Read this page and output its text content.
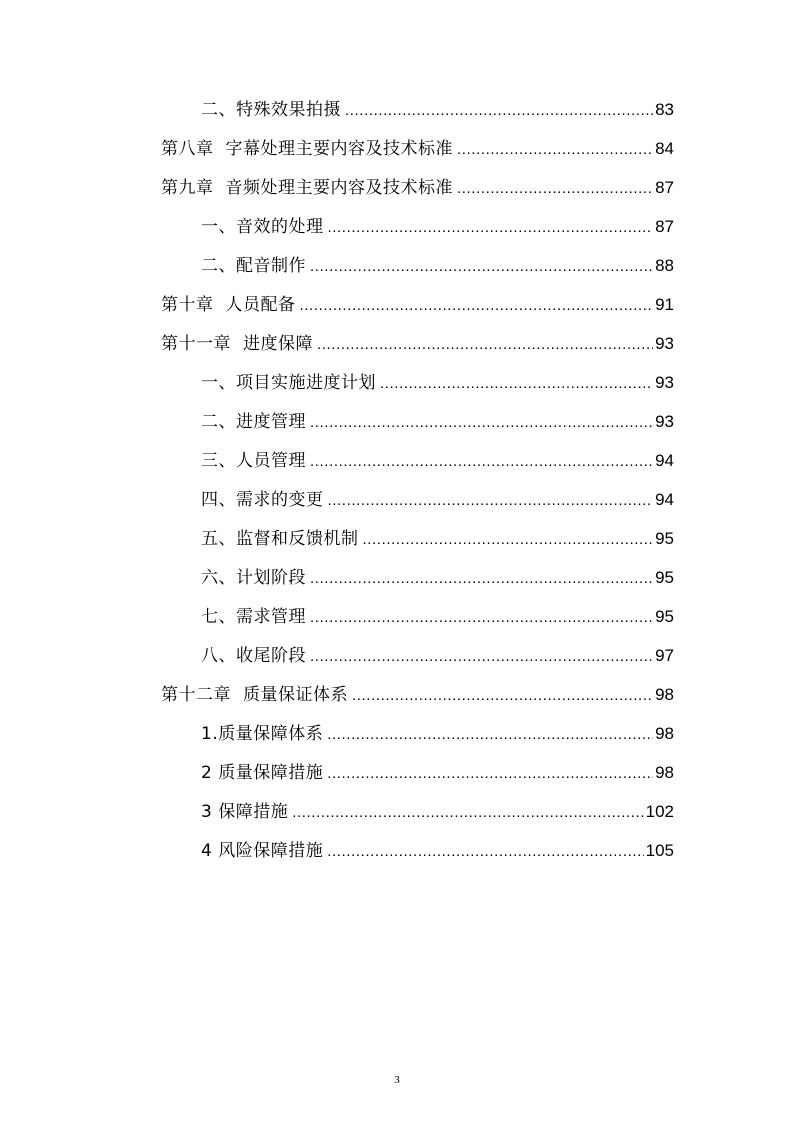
二、特殊效果拍摄 .....	83
第八章 字幕处理主要内容及技术标准 .....	84
第九章 音频处理主要内容及技术标准 .....	87
一、音效的处理 .....	87
二、配音制作 .....	88
第十章 人员配备 .....	91
第十一章 进度保障 .....	93
一、项目实施进度计划 .....	93
二、进度管理 .....	93
三、人员管理 .....	94
四、需求的变更 .....	94
五、监督和反馈机制 .....	95
六、计划阶段 .....	95
七、需求管理 .....	95
八、收尾阶段 .....	97
第十二章 质量保证体系 .....	98
1.质量保障体系 .....	98
2 质量保障措施 .....	98
3 保障措施 .....	102
4 风险保障措施 .....	105
3
